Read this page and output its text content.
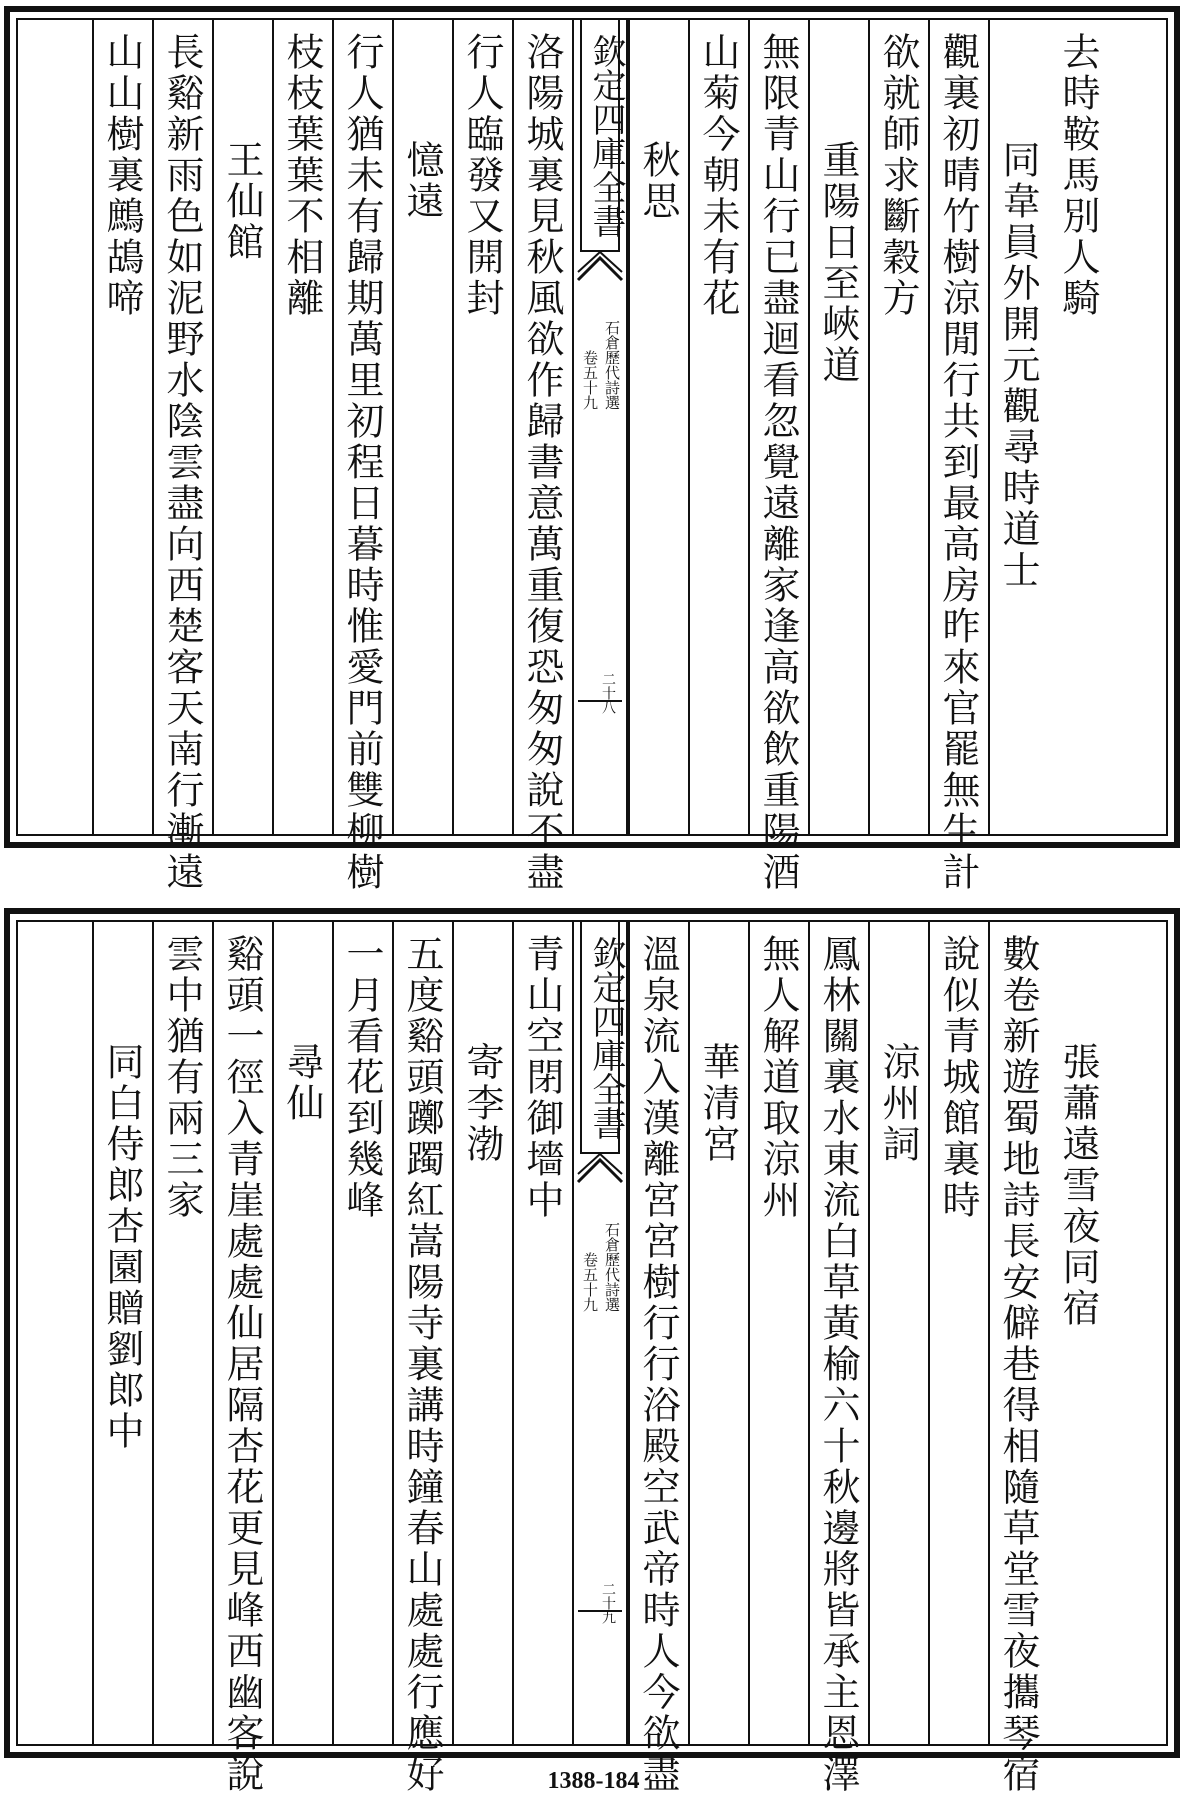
去時鞍馬別人騎
同韋員外開元觀尋時道士
觀裏初晴竹樹涼閒行共到最高房昨來官罷無生計
欲就師求斷穀方
重陽日至峽道
無限青山行已盡迴看忽覺遠離家逢高欲飲重陽酒
山菊今朝未有花
秋思
欽定四庫全書
石倉歷代詩選
卷五十九
二十八
洛陽城裏見秋風欲作歸書意萬重復恐匆匆說不盡
行人臨發又開封
憶遠
行人猶未有歸期萬里初程日暮時惟愛門前雙柳樹
枝枝葉葉不相離
王仙館
長谿新雨色如泥野水陰雲盡向西楚客天南行漸遠
山山樹裏鷓鴣啼
張蕭遠雪夜同宿
數卷新遊蜀地詩長安僻巷得相隨草堂雪夜攜琴宿
說似青城館裏時
涼州詞
鳳林關裏水東流白草黃榆六十秋邊將皆承主恩澤
無人解道取涼州
華清宮
溫泉流入漢離宮宮樹行行浴殿空武帝時人今欲盡
欽定四庫全書
石倉歷代詩選
卷五十九
二十九
青山空閉御墻中
寄李渤
五度谿頭躑躅紅嵩陽寺裏講時鐘春山處處行應好
一月看花到幾峰
尋仙
谿頭一徑入青崖處處仙居隔杏花更見峰西幽客說
雲中猶有兩三家
同白侍郎杏園贈劉郎中
1388-184
